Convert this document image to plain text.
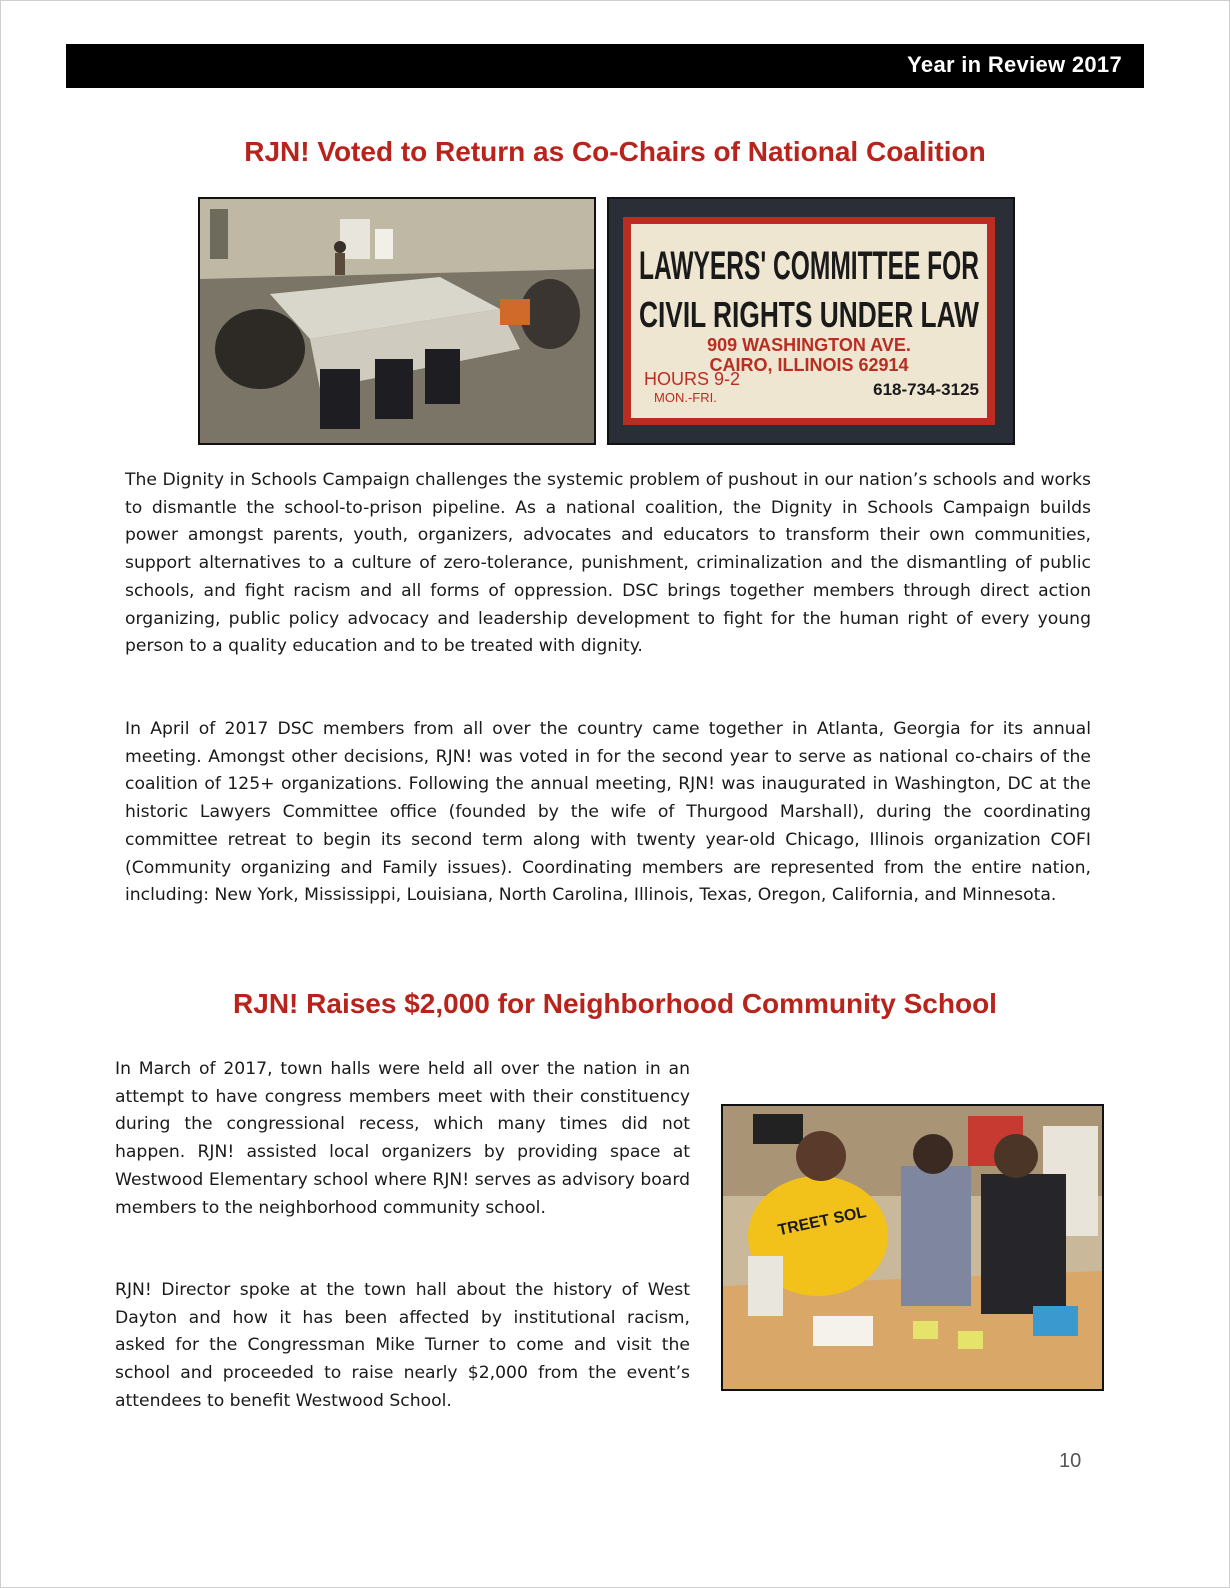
Year in Review 2017
RJN! Voted to Return as Co-Chairs of National Coalition
LAWYERS' COMMITTEE FOR
CIVIL RIGHTS UNDER LAW
909 WASHINGTON AVE.
CAIRO, ILLINOIS 62914
HOURS 9-2
MON.-FRI.	618-734-3125

The Dignity in Schools Campaign challenges the systemic problem of pushout in our nation’s schools and works to dismantle the school-to-prison pipeline. As a national coalition, the Dignity in Schools Campaign builds power amongst parents, youth, organizers, advocates and educators to transform their own communities, support alternatives to a culture of zero-tolerance, punishment, criminalization and the dismantling of public schools, and fight racism and all forms of oppression. DSC brings together members through direct action organizing, public policy advocacy and leadership development to fight for the human right of every young person to a quality education and to be treated with dignity.

In April of 2017 DSC members from all over the country came together in Atlanta, Georgia for its annual meeting. Amongst other decisions, RJN! was voted in for the second year to serve as national co-chairs of the coalition of 125+ organizations. Following the annual meeting, RJN! was inaugurated in Washington, DC at the historic Lawyers Committee office (founded by the wife of Thurgood Marshall), during the coordinating committee retreat to begin its second term along with twenty year-old Chicago, Illinois organization COFI (Community organizing and Family issues). Coordinating members are represented from the entire nation, including: New York, Mississippi, Louisiana, North Carolina, Illinois, Texas, Oregon, California, and Minnesota.

RJN! Raises $2,000 for Neighborhood Community School

In March of 2017, town halls were held all over the nation in an attempt to have congress members meet with their constituency during the congressional recess, which many times did not happen. RJN! assisted local organizers by providing space at Westwood Elementary school where RJN! serves as advisory board members to the neighborhood community school.

RJN! Director spoke at the town hall about the history of West Dayton and how it has been affected by institutional racism, asked for the Congressman Mike Turner to come and visit the school and proceeded to raise nearly $2,000 from the event’s attendees to benefit Westwood School.

TREET SOL
10
